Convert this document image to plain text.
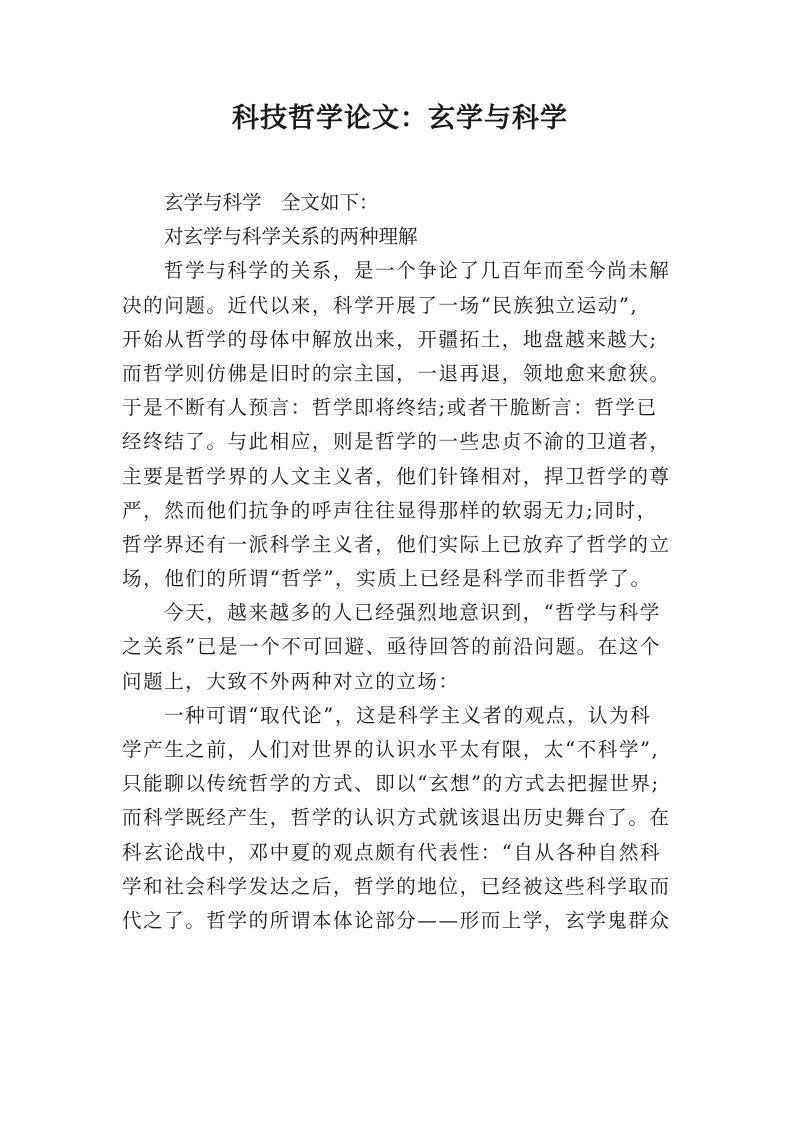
科技哲学论文：玄学与科学
玄学与科学　全文如下：
对玄学与科学关系的两种理解
哲学与科学的关系，是一个争论了几百年而至今尚未解
决的问题。近代以来，科学开展了一场“民族独立运动”,
开始从哲学的母体中解放出来，开疆拓土，地盘越来越大;
而哲学则仿佛是旧时的宗主国，一退再退，领地愈来愈狭。
于是不断有人预言：哲学即将终结;或者干脆断言：哲学已
经终结了。与此相应，则是哲学的一些忠贞不渝的卫道者，
主要是哲学界的人文主义者，他们针锋相对，捍卫哲学的尊
严，然而他们抗争的呼声往往显得那样的软弱无力;同时，
哲学界还有一派科学主义者，他们实际上已放弃了哲学的立
场，他们的所谓“哲学”，实质上已经是科学而非哲学了。
今天，越来越多的人已经强烈地意识到，“哲学与科学
之关系”已是一个不可回避、亟待回答的前沿问题。在这个
问题上，大致不外两种对立的立场：
一种可谓“取代论”，这是科学主义者的观点，认为科
学产生之前，人们对世界的认识水平太有限，太“不科学”,
只能聊以传统哲学的方式、即以“玄想”的方式去把握世界;
而科学既经产生，哲学的认识方式就该退出历史舞台了。在
科玄论战中，邓中夏的观点颇有代表性：“自从各种自然科
学和社会科学发达之后，哲学的地位，已经被这些科学取而
代之了。哲学的所谓本体论部分——形而上学，玄学鬼群众
